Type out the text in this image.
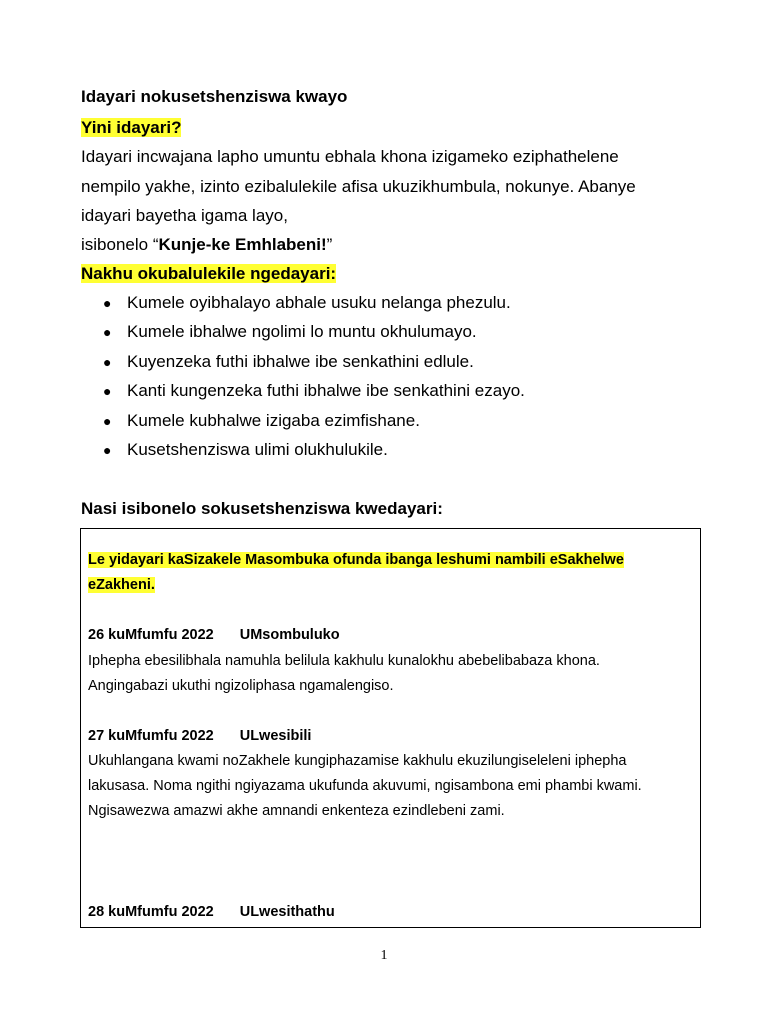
Idayari nokusetshenziswa kwayo
Yini idayari?
Idayari incwajana lapho umuntu ebhala khona izigameko eziphathelene
nempilo yakhe, izinto ezibalulekile afisa ukuzikhumbula, nokunye. Abanye
idayari bayetha igama layo,
isibonelo “Kunje-ke Emhlabeni!”
Nakhu okubalulekile ngedayari:
● Kumele oyibhalayo abhale usuku nelanga phezulu.
● Kumele ibhalwe ngolimi lo muntu okhulumayo.
● Kuyenzeka futhi ibhalwe ibe senkathini edlule.
● Kanti kungenzeka futhi ibhalwe ibe senkathini ezayo.
● Kumele kubhalwe izigaba ezimfishane.
● Kusetshenziswa ulimi olukhulukile.
Nasi isibonelo sokusetshenziswa kwedayari:
Le yidayari kaSizakele Masombuka ofunda ibanga leshumi nambili eSakhelwe
eZakheni.
26 kuMfumfu 2022 UMsombuluko
Iphepha ebesilibhala namuhla belilula kakhulu kunalokhu abebelibabaza khona.
Angingabazi ukuthi ngizoliphasa ngamalengiso.
27 kuMfumfu 2022 ULwesibili
Ukuhlangana kwami noZakhele kungiphazamise kakhulu ekuzilungiseleleni iphepha
lakusasa. Noma ngithi ngiyazama ukufunda akuvumi, ngisambona emi phambi kwami.
Ngisawezwa amazwi akhe amnandi enkenteza ezindlebeni zami.
28 kuMfumfu 2022 ULwesithathu
1
